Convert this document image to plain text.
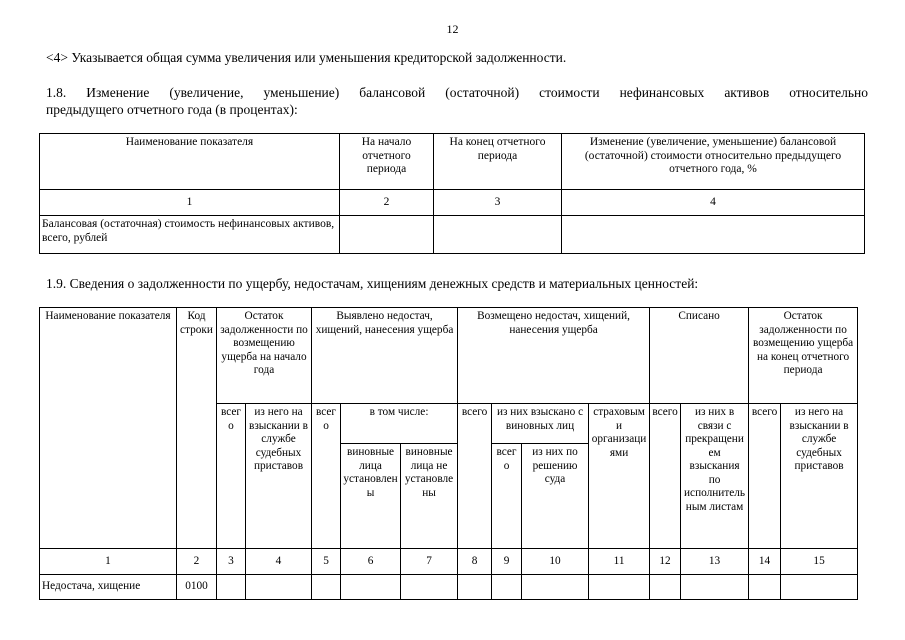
12
<4> Указывается общая сумма увеличения или уменьшения кредиторской задолженности.
1.8. Изменение (увеличение, уменьшение) балансовой (остаточной) стоимости нефинансовых активов относительно
предыдущего отчетного года (в процентах):
Наименование показателя	На начало отчетного периода	На конец отчетного периода	Изменение (увеличение, уменьшение) балансовой (остаточной) стоимости относительно предыдущего отчетного года, %
1	2	3	4
Балансовая (остаточная) стоимость нефинансовых активов, всего, рублей			
1.9. Сведения о задолженности по ущербу, недостачам, хищениям денежных средств и материальных ценностей:
Наименование показателя	Код строки	Остаток задолженности по возмещению ущерба на начало года		Выявлено недостач, хищений, нанесения ущерба			Возмещено недостач, хищений, нанесения ущерба				Списано		Остаток задолженности по возмещению ущерба на конец отчетного периода	
		всего	из него на взыскании в службе судебных приставов	всего	в том числе:		всего	из них взыскано с виновных лиц		страховыми организациями	всего	из них в связи с прекращением взыскания по исполнительным листам	всего	из него на взыскании в службе судебных приставов
					виновные лица установлены	виновные лица не установлены		всего	из них по решению суда					
1	2	3	4	5	6	7	8	9	10	11	12	13	14	15
Недостача, хищение	0100													
